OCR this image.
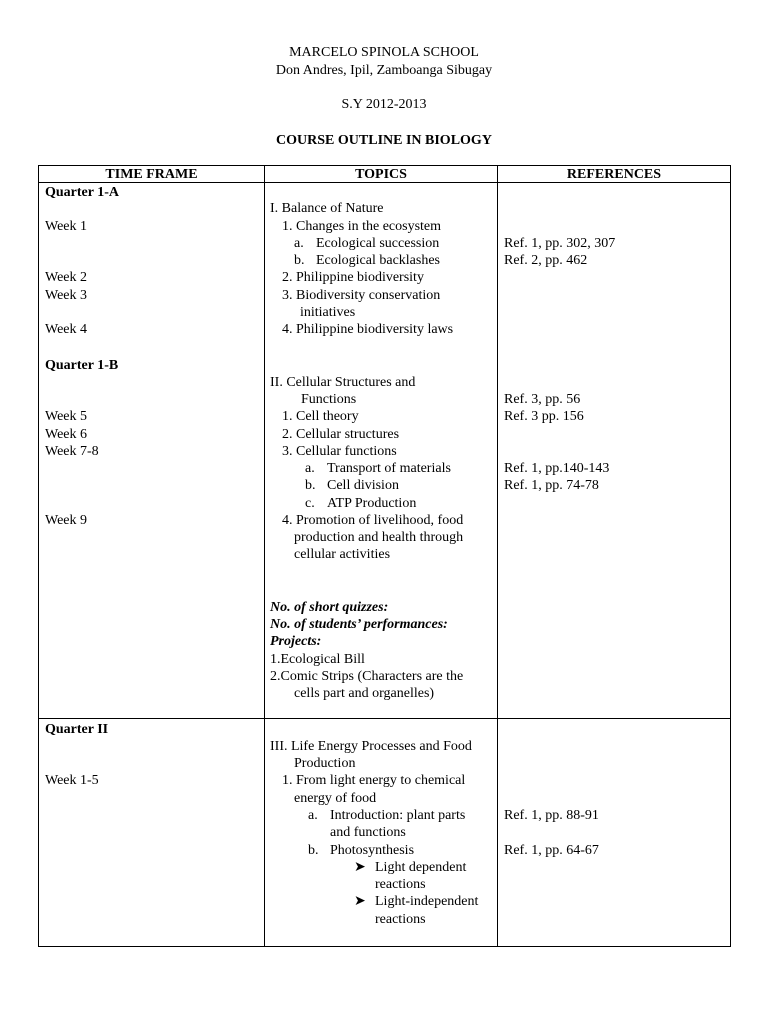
MARCELO SPINOLA SCHOOL
Don Andres, Ipil, Zamboanga Sibugay
S.Y 2012-2013
COURSE OUTLINE IN BIOLOGY
TIME FRAME	TOPICS	REFERENCES
Quarter 1-A
Week 1
Week 2
Week 3
Week 4
Quarter 1-B
Week 5
Week 6
Week 7-8
Week 9
I. Balance of Nature
1. Changes in the ecosystem
a. Ecological succession
b. Ecological backlashes
2. Philippine biodiversity
3. Biodiversity conservation
initiatives
4. Philippine biodiversity laws
II. Cellular Structures and
Functions
1. Cell theory
2. Cellular structures
3. Cellular functions
a. Transport of materials
b. Cell division
c. ATP Production
4. Promotion of livelihood, food
production and health through
cellular activities
No. of short quizzes:
No. of students’ performances:
Projects:
1.Ecological Bill
2.Comic Strips (Characters are the
cells part and organelles)
Ref. 1, pp. 302, 307
Ref. 2, pp. 462
Ref. 3, pp. 56
Ref. 3 pp. 156
Ref. 1, pp.140-143
Ref. 1, pp. 74-78
Quarter II
Week 1-5
III. Life Energy Processes and Food
Production
1. From light energy to chemical
energy of food
a. Introduction: plant parts
and functions
b. Photosynthesis
➤ Light dependent
reactions
➤ Light-independent
reactions
Ref. 1, pp. 88-91
Ref. 1, pp. 64-67
